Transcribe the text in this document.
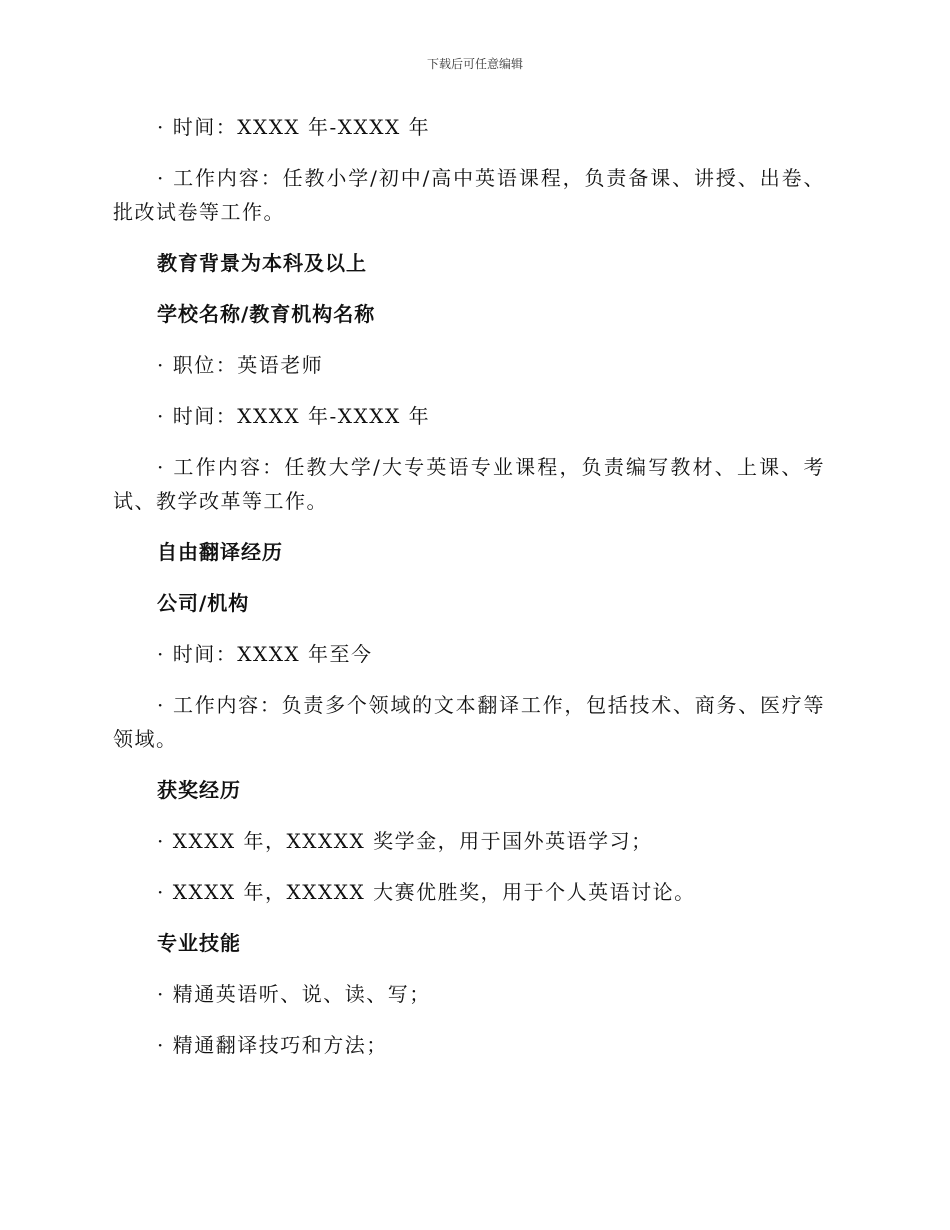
下载后可任意编辑

· 时间：XXXX 年-XXXX 年

· 工作内容：任教小学/初中/高中英语课程，负责备课、讲授、出卷、批改试卷等工作。

教育背景为本科及以上

学校名称/教育机构名称

· 职位：英语老师

· 时间：XXXX 年-XXXX 年

· 工作内容：任教大学/大专英语专业课程，负责编写教材、上课、考试、教学改革等工作。

自由翻译经历

公司/机构

· 时间：XXXX 年至今

· 工作内容：负责多个领域的文本翻译工作，包括技术、商务、医疗等领域。

获奖经历

· XXXX 年，XXXXX 奖学金，用于国外英语学习；

· XXXX 年，XXXXX 大赛优胜奖，用于个人英语讨论。

专业技能

· 精通英语听、说、读、写；

· 精通翻译技巧和方法；
